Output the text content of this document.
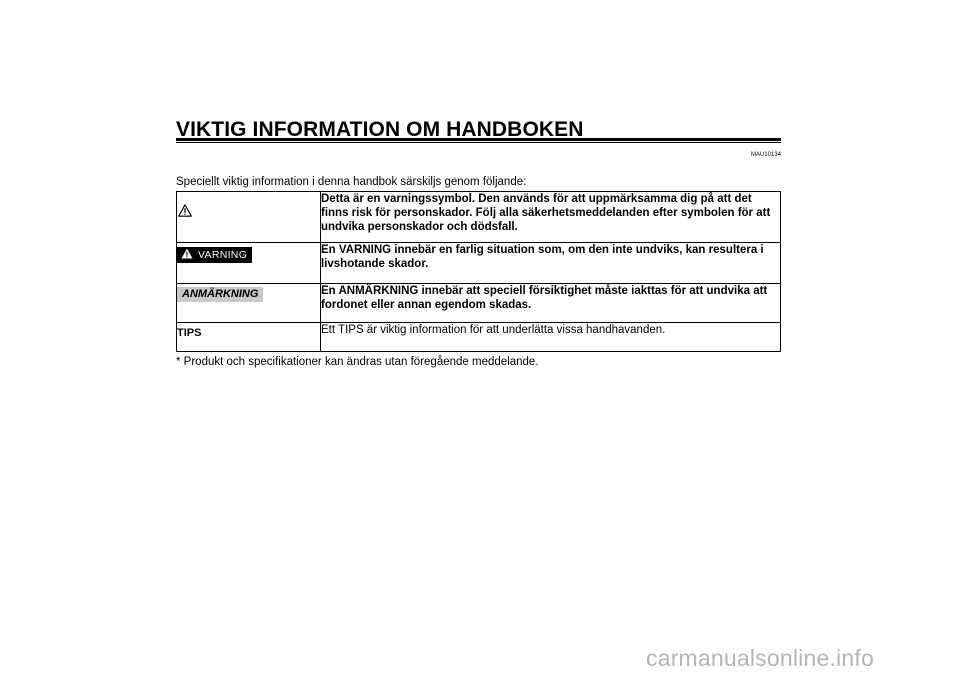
VIKTIG INFORMATION OM HANDBOKEN
MAU10134

Speciellt viktig information i denna handbok särskiljs genom följande:

	Detta är en varningssymbol. Den används för att uppmärksamma dig på att det finns risk för personskador. Följ alla säkerhetsmeddelanden efter symbolen för att undvika personskador och dödsfall.

VARNING	En VARNING innebär en farlig situation som, om den inte undviks, kan resultera i livshotande skador.
ANMÄRKNING	En ANMÄRKNING innebär att speciell försiktighet måste iakttas för att undvika att fordonet eller annan egendom skadas.
TIPS	Ett TIPS är viktig information för att underlätta vissa handhavanden.

* Produkt och specifikationer kan ändras utan föregående meddelande.

carmanualsonline.info
